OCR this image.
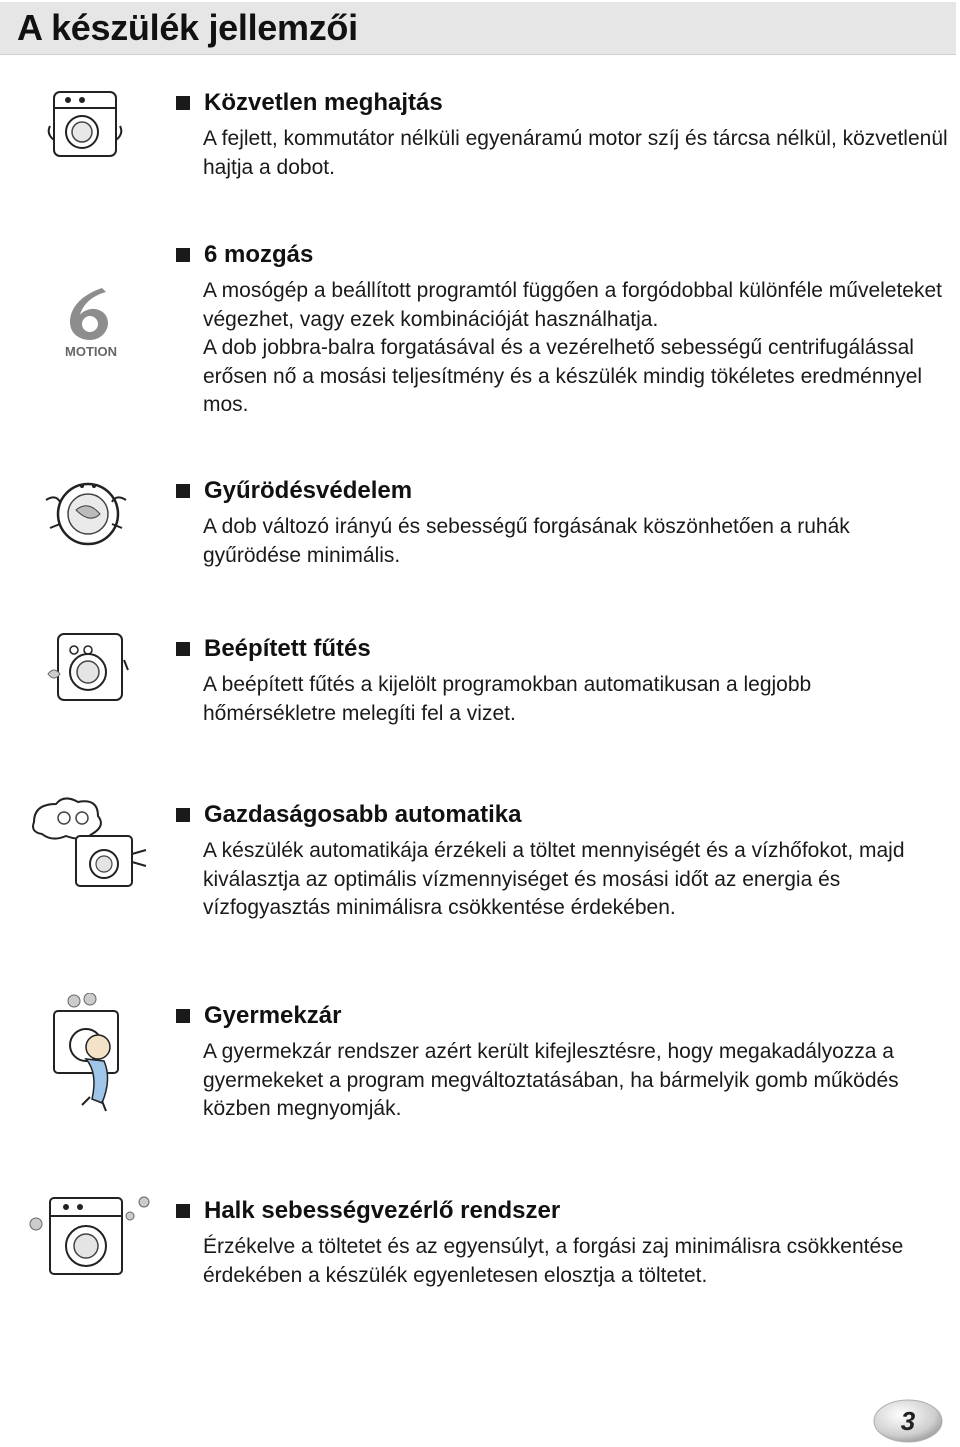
A készülék jellemzői
Közvetlen meghajtás

A fejlett, kommutátor nélküli egyenáramú motor szíj és tárcsa nélkül, közvetlenül hajtja a dobot.

MOTION
6 mozgás

A mosógép a beállított programtól függően a forgódobbal különféle műveleteket végezhet, vagy ezek kombinációját használhatja.

A dob jobbra-balra forgatásával és a vezérelhető sebességű centrifugálással erősen nő a mosási teljesítmény és a készülék mindig tökéletes eredménnyel mos.

Gyűrödésvédelem

A dob változó irányú és sebességű forgásának köszönhetően a ruhák gyűrödése minimális.

Beépített fűtés

A beépített fűtés a kijelölt programokban automatikusan a legjobb hőmérsékletre melegíti fel a vizet.

Gazdaságosabb automatika

A készülék automatikája érzékeli a töltet mennyiségét és a vízhőfokot, majd kiválasztja az optimális vízmennyiséget és mosási időt az energia és vízfogyasztás minimálisra csökkentése érdekében.

Gyermekzár

A gyermekzár rendszer azért került kifejlesztésre, hogy megakadályozza a gyermekeket a program megváltoztatásában, ha bármelyik gomb működés közben megnyomják.

Halk sebességvezérlő rendszer

Érzékelve a töltetet és az egyensúlyt, a forgási zaj minimálisra csökkentése érdekében a készülék egyenletesen elosztja a töltetet.

3
